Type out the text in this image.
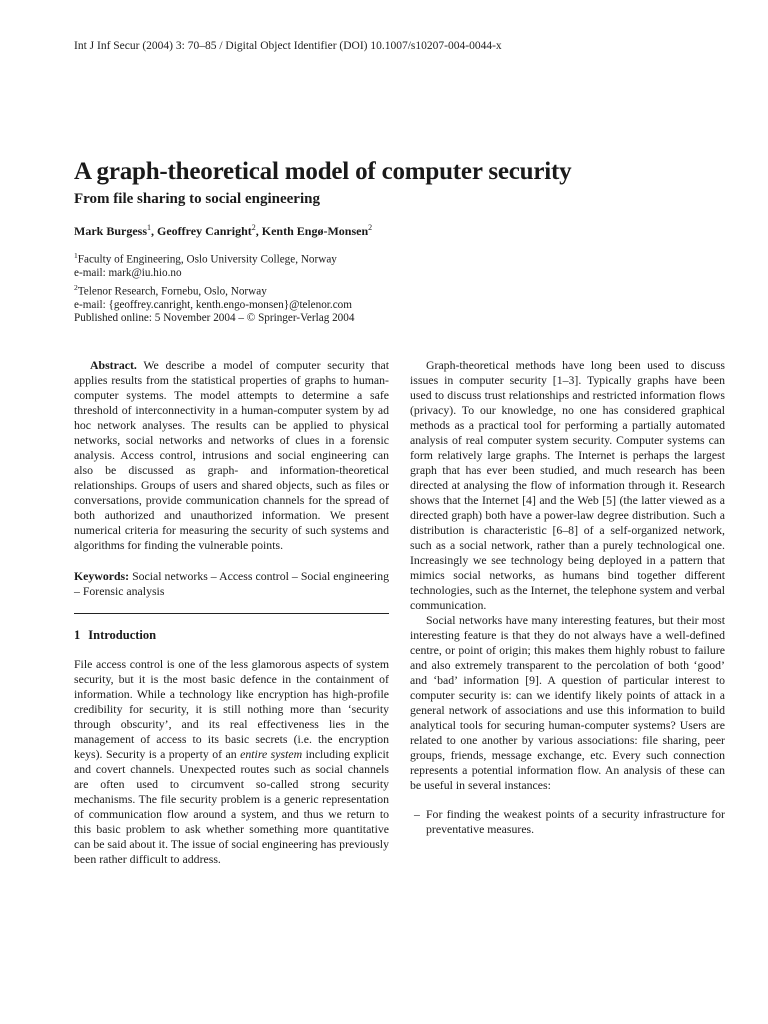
Int J Inf Secur (2004) 3: 70–85 / Digital Object Identifier (DOI) 10.1007/s10207-004-0044-x
A graph-theoretical model of computer security
From file sharing to social engineering
Mark Burgess$^1$, Geoffrey Canright$^2$, Kenth Engø-Monsen$^2$
$^1$Faculty of Engineering, Oslo University College, Norway
e-mail: mark@iu.hio.no
$^2$Telenor Research, Fornebu, Oslo, Norway
e-mail: {geoffrey.canright, kenth.engo-monsen}@telenor.com
Published online: 5 November 2004 – © Springer-Verlag 2004

Abstract. We describe a model of computer security that applies results from the statistical properties of graphs to human-computer systems. The model attempts to determine a safe threshold of interconnectivity in a human-computer system by ad hoc network analyses. The results can be applied to physical networks, social networks and networks of clues in a forensic analysis. Access control, intrusions and social engineering can also be discussed as graph- and information-theoretical relationships. Groups of users and shared objects, such as files or conversations, provide communication channels for the spread of both authorized and unauthorized information. We present numerical criteria for measuring the security of such systems and algorithms for finding the vulnerable points.

Keywords: Social networks – Access control – Social engineering – Forensic analysis

1 Introduction

File access control is one of the less glamorous aspects of system security, but it is the most basic defence in the containment of information. While a technology like encryption has high-profile credibility for security, it is still nothing more than ‘security through obscurity’, and its real effectiveness lies in the management of access to its basic secrets (i.e. the encryption keys). Security is a property of an entire system including explicit and covert channels. Unexpected routes such as social channels are often used to circumvent so-called strong security mechanisms. The file security problem is a generic representation of communication flow around a system, and thus we return to this basic problem to ask whether something more quantitative can be said about it. The issue of social engineering has previously been rather difficult to address.

Graph-theoretical methods have long been used to discuss issues in computer security [1–3]. Typically graphs have been used to discuss trust relationships and restricted information flows (privacy). To our knowledge, no one has considered graphical methods as a practical tool for performing a partially automated analysis of real computer system security. Computer systems can form relatively large graphs. The Internet is perhaps the largest graph that has ever been studied, and much research has been directed at analysing the flow of information through it. Research shows that the Internet [4] and the Web [5] (the latter viewed as a directed graph) both have a power-law degree distribution. Such a distribution is characteristic [6–8] of a self-organized network, such as a social network, rather than a purely technological one. Increasingly we see technology being deployed in a pattern that mimics social networks, as humans bind together different technologies, such as the Internet, the telephone system and verbal communication.

Social networks have many interesting features, but their most interesting feature is that they do not always have a well-defined centre, or point of origin; this makes them highly robust to failure and also extremely transparent to the percolation of both ‘good’ and ‘bad’ information [9]. A question of particular interest to computer security is: can we identify likely points of attack in a general network of associations and use this information to build analytical tools for securing human-computer systems? Users are related to one another by various associations: file sharing, peer groups, friends, message exchange, etc. Every such connection represents a potential information flow. An analysis of these can be useful in several instances:

– For finding the weakest points of a security infrastructure for preventative measures.
